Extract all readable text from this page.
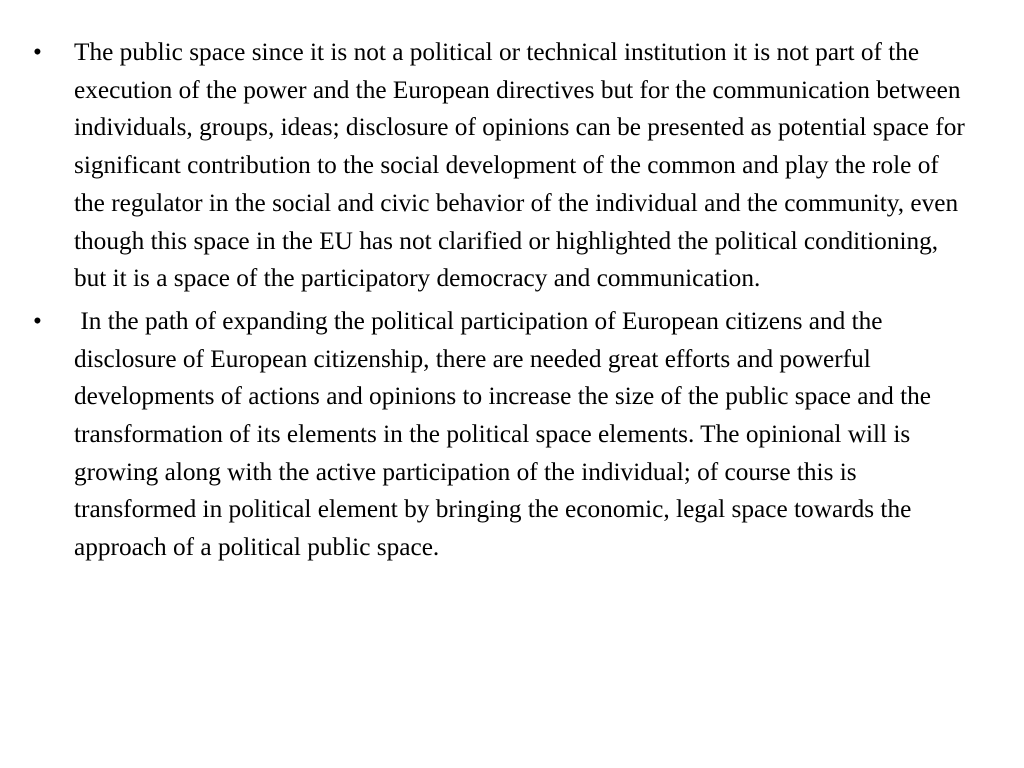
•	The public space since it is not a political or technical institution it is not part of the execution of the power and the European directives but for the communication between individuals, groups, ideas; disclosure of opinions can be presented as potential space for significant contribution to the social development of the common and play the role of the regulator in the social and civic behavior of the individual and the community, even though this space in the EU has not clarified or highlighted the political conditioning, but it is a space of the participatory democracy and communication.
•	In the path of expanding the political participation of European citizens and the disclosure of European citizenship, there are needed great efforts and powerful developments of actions and opinions to increase the size of the public space and the transformation of its elements in the political space elements. The opinional will is growing along with the active participation of the individual; of course this is transformed in political element by bringing the economic, legal space towards the approach of a political public space.
